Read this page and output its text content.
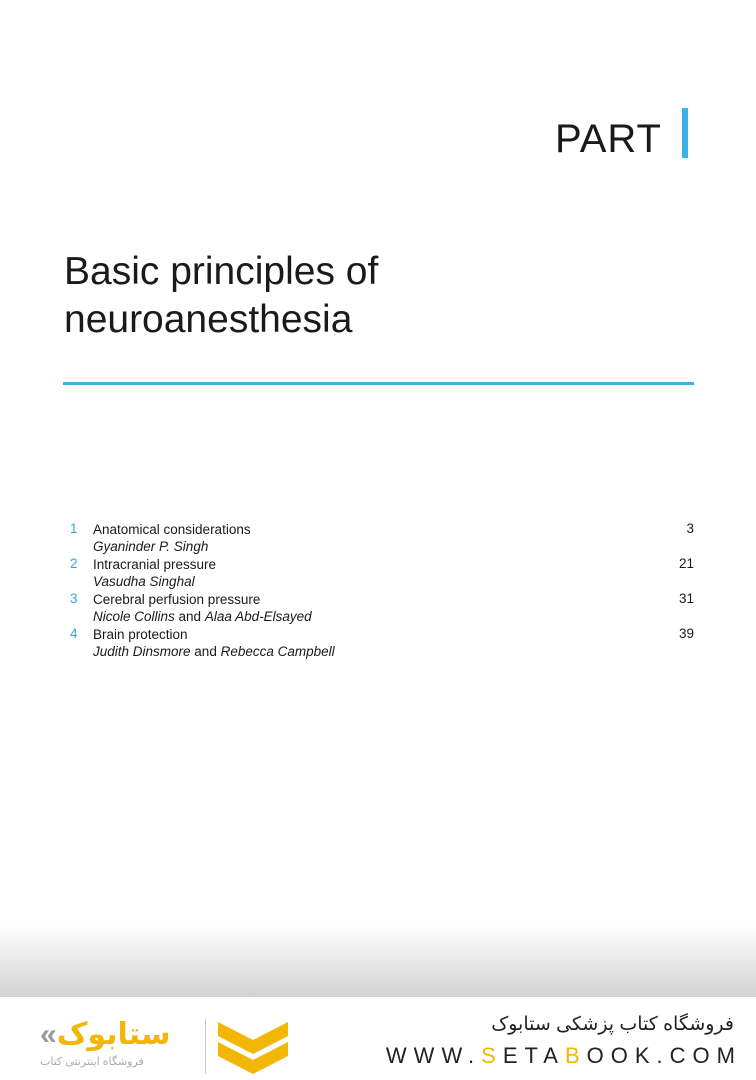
PART
Basic principles of
neuroanesthesia
1 Anatomical considerations	3
Gyaninder P. Singh
2 Intracranial pressure	21
Vasudha Singhal
3 Cerebral perfusion pressure	31
Nicole Collins and Alaa Abd-Elsayed
4 Brain protection	39
Judith Dinsmore and Rebecca Campbell
«ستابوک
فروشگاه اینترنتی کتاب
فروشگاه کتاب پزشکی ستابوک
WWW.SETABOOK.COM
